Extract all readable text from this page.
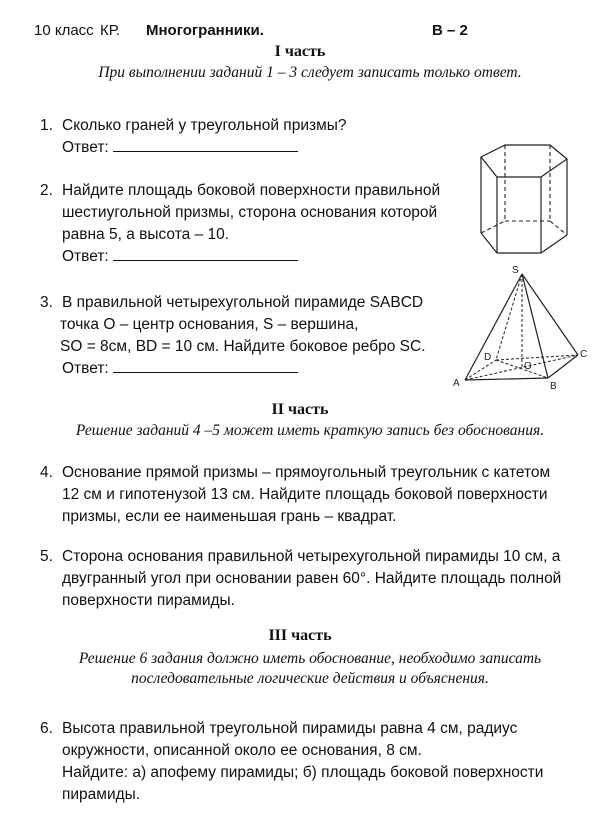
10 класс КР. Многогранники.	В – 2
I часть
При выполнении заданий 1 – 3 следует записать только ответ.
1. Сколько граней у треугольной призмы?
Ответ:
2. Найдите площадь боковой поверхности правильной
шестиугольной призмы, сторона основания которой
равна 5, а высота – 10.
Ответ:
3. В правильной четырехугольной пирамиде SABCD
точка О – центр основания, S – вершина,
SO = 8см, BD = 10 см. Найдите боковое ребро SC.
Ответ:
S
A	B
C
D
O
II часть
Решение заданий 4 –5 может иметь краткую запись без обоснования.
4. Основание прямой призмы – прямоугольный треугольник с катетом
12 см и гипотенузой 13 см. Найдите площадь боковой поверхности
призмы, если ее наименьшая грань – квадрат.
5. Сторона основания правильной четырехугольной пирамиды 10 см, а
двугранный угол при основании равен 60°. Найдите площадь полной
поверхности пирамиды.
III часть
Решение 6 задания должно иметь обоснование, необходимо записать
последовательные логические действия и объяснения.
6. Высота правильной треугольной пирамиды равна 4 см, радиус
окружности, описанной около ее основания, 8 см.
Найдите: а) апофему пирамиды; б) площадь боковой поверхности
пирамиды.
